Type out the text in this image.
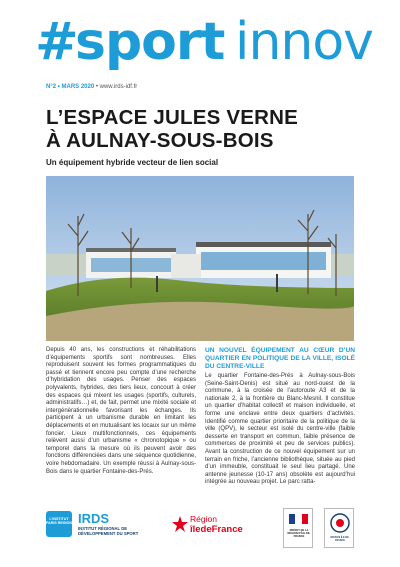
#
sport innov
N°2 • MARS 2020 • www.irds-idf.fr
L’ESPACE JULES VERNE
À AULNAY-SOUS-BOIS
Un équipement hybride vecteur de lien social
Depuis 40 ans, les constructions et réhabilitations d’équipements sportifs sont nombreuses. Elles reproduisent souvent les formes programmatiques du passé et tiennent encore peu compte d’une recherche d’hybridation des usages. Penser des espaces polyvalents, hybrides, des tiers lieux, concourt à créer des espaces qui mixent les usages (sportifs, culturels, administratifs…) et, de fait, permet une mixité sociale et intergénérationnelle favorisant les échanges. Ils participent à un urbanisme durable en limitant les déplacements et en mutualisant les locaux sur un même foncier. Lieux multifonctionnels, ces équipements relèvent aussi d’un urbanisme « chronotopique » ou temporel dans la mesure où ils peuvent avoir des fonctions différenciées dans une séquence quotidienne, voire hebdomadaire. Un exemple réussi à Aulnay-sous-Bois dans le quartier Fontaine-des-Prés.
UN NOUVEL ÉQUIPEMENT AU CŒUR D’UN QUARTIER EN POLITIQUE DE LA VILLE, ISOLÉ DU CENTRE-VILLE

Le quartier Fontaine-des-Prés à Aulnay-sous-Bois (Seine-Saint-Denis) est situé au nord-ouest de la commune, à la croisée de l’autoroute A3 et de la nationale 2, à la frontière du Blanc-Mesnil. Il constitue un quartier d’habitat collectif et maison individuelle, et forme une enclave entre deux quartiers d’activités. Identifié comme quartier prioritaire de la politique de la ville (QPV), le secteur est isolé du centre-ville (faible desserte en transport en commun, faible présence de commerces de proximité et peu de services publics). Avant la construction de ce nouvel équipement sur un terrain en friche, l’ancienne bibliothèque, située au pied d’un immeuble, constituait le seul lieu partagé. Une antenne jeunesse (10-17 ans) obsolète est aujourd’hui intégrée au nouveau projet. Le parc ratta-

L’INSTITUT PARIS REGION IRDS
INSTITUT RÉGIONAL DE
DÉVELOPPEMENT DU SPORT
Région
îledeFrance	PRÉFET DE LA RÉGION D’ÎLE-DE-FRANCE	DRJSCS ÎLE-DE-FRANCE
